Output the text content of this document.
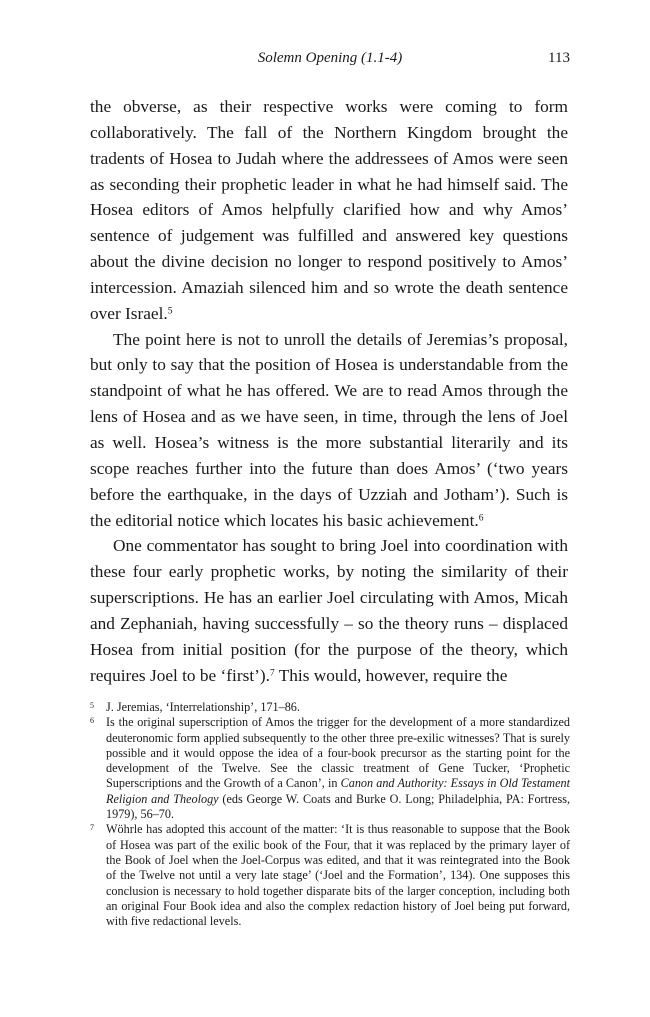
Solemn Opening (1.1-4)	113

the obverse, as their respective works were coming to form collaboratively. The fall of the Northern Kingdom brought the tradents of Hosea to Judah where the addressees of Amos were seen as seconding their prophetic leader in what he had himself said. The Hosea editors of Amos helpfully clarified how and why Amos’ sentence of judgement was fulfilled and answered key questions about the divine decision no longer to respond positively to Amos’ intercession. Amaziah silenced him and so wrote the death sentence over Israel.$^5$

The point here is not to unroll the details of Jeremias’s proposal, but only to say that the position of Hosea is understandable from the standpoint of what he has offered. We are to read Amos through the lens of Hosea and as we have seen, in time, through the lens of Joel as well. Hosea’s witness is the more substantial literarily and its scope reaches further into the future than does Amos’ (‘two years before the earthquake, in the days of Uzziah and Jotham’). Such is the editorial notice which locates his basic achievement.$^6$

One commentator has sought to bring Joel into coordination with these four early prophetic works, by noting the similarity of their superscriptions. He has an earlier Joel circulating with Amos, Micah and Zephaniah, having successfully – so the theory runs – displaced Hosea from initial position (for the purpose of the theory, which requires Joel to be ‘first’).$^7$ This would, however, require the

5 J. Jeremias, ‘Interrelationship’, 171–86.

6 Is the original superscription of Amos the trigger for the development of a more standardized deuteronomic form applied subsequently to the other three pre-exilic witnesses? That is surely possible and it would oppose the idea of a four-book precursor as the starting point for the development of the Twelve. See the classic treatment of Gene Tucker, ‘Prophetic Superscriptions and the Growth of a Canon’, in Canon and Authority: Essays in Old Testament Religion and Theology (eds George W. Coats and Burke O. Long; Philadelphia, PA: Fortress, 1979), 56–70.

7 Wöhrle has adopted this account of the matter: ‘It is thus reasonable to suppose that the Book of Hosea was part of the exilic book of the Four, that it was replaced by the primary layer of the Book of Joel when the Joel-Corpus was edited, and that it was reintegrated into the Book of the Twelve not until a very late stage’ (‘Joel and the Formation’, 134). One supposes this conclusion is necessary to hold together disparate bits of the larger conception, including both an original Four Book idea and also the complex redaction history of Joel being put forward, with five redactional levels.
